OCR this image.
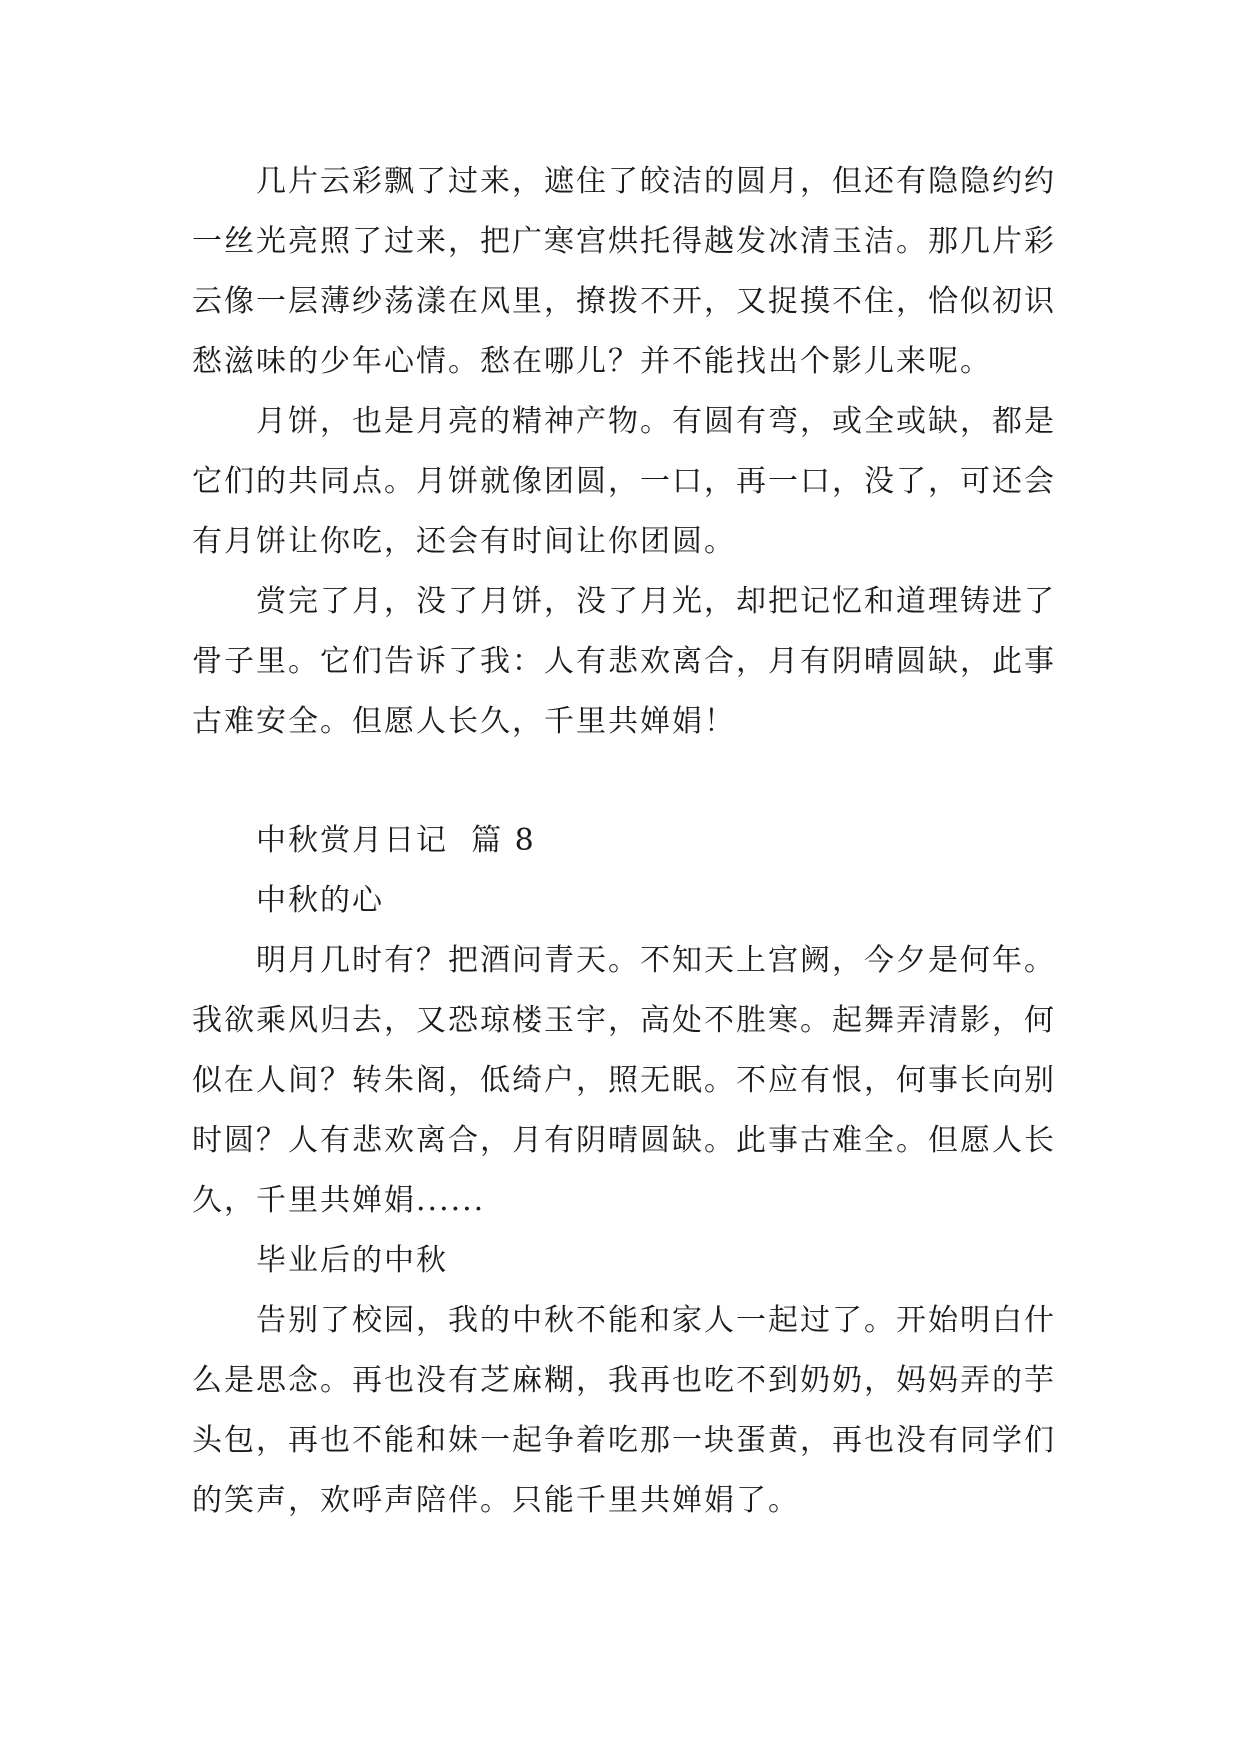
几片云彩飘了过来，遮住了皎洁的圆月，但还有隐隐约约一丝光亮照了过来，把广寒宫烘托得越发冰清玉洁。那几片彩云像一层薄纱荡漾在风里，撩拨不开，又捉摸不住，恰似初识愁滋味的少年心情。愁在哪儿？并不能找出个影儿来呢。

月饼，也是月亮的精神产物。有圆有弯，或全或缺，都是它们的共同点。月饼就像团圆，一口，再一口，没了，可还会有月饼让你吃，还会有时间让你团圆。

赏完了月，没了月饼，没了月光，却把记忆和道理铸进了骨子里。它们告诉了我：人有悲欢离合，月有阴晴圆缺，此事古难安全。但愿人长久，千里共婵娟！

中秋赏月日记  篇 8

中秋的心

明月几时有？把酒问青天。不知天上宫阙，今夕是何年。我欲乘风归去，又恐琼楼玉宇，高处不胜寒。起舞弄清影，何似在人间？转朱阁，低绮户，照无眠。不应有恨，何事长向别时圆？人有悲欢离合，月有阴晴圆缺。此事古难全。但愿人长久，千里共婵娟......

毕业后的中秋

告别了校园，我的中秋不能和家人一起过了。开始明白什么是思念。再也没有芝麻糊，我再也吃不到奶奶，妈妈弄的芋头包，再也不能和妹一起争着吃那一块蛋黄，再也没有同学们的笑声，欢呼声陪伴。只能千里共婵娟了。
